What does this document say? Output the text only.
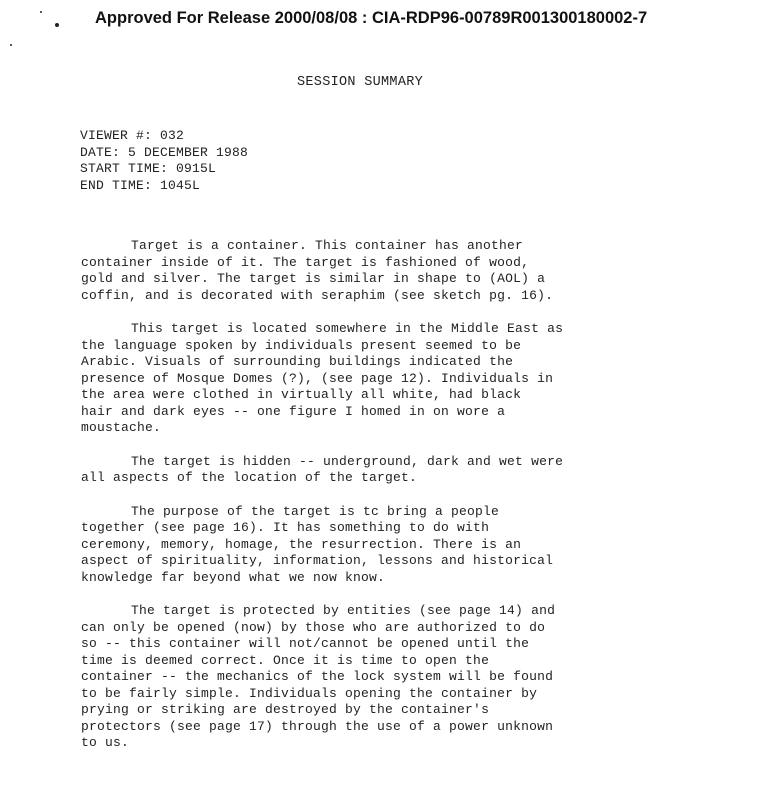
Approved For Release 2000/08/08 : CIA-RDP96-00789R001300180002-7
SESSION SUMMARY
VIEWER #: 032
DATE: 5 DECEMBER 1988
START TIME: 0915L
END TIME: 1045L
Target is a container. This container has another
container inside of it. The target is fashioned of wood,
gold and silver. The target is similar in shape to (AOL) a
coffin, and is decorated with seraphim (see sketch pg. 16).
This target is located somewhere in the Middle East as
the language spoken by individuals present seemed to be
Arabic. Visuals of surrounding buildings indicated the
presence of Mosque Domes (?), (see page 12). Individuals in
the area were clothed in virtually all white, had black
hair and dark eyes -- one figure I homed in on wore a
moustache.
The target is hidden -- underground, dark and wet were
all aspects of the location of the target.
The purpose of the target is tc bring a people
together (see page 16). It has something to do with
ceremony, memory, homage, the resurrection. There is an
aspect of spirituality, information, lessons and historical
knowledge far beyond what we now know.
The target is protected by entities (see page 14) and
can only be opened (now) by those who are authorized to do
so -- this container will not/cannot be opened until the
time is deemed correct. Once it is time to open the
container -- the mechanics of the lock system will be found
to be fairly simple. Individuals opening the container by
prying or striking are destroyed by the container's
protectors (see page 17) through the use of a power unknown
to us.
